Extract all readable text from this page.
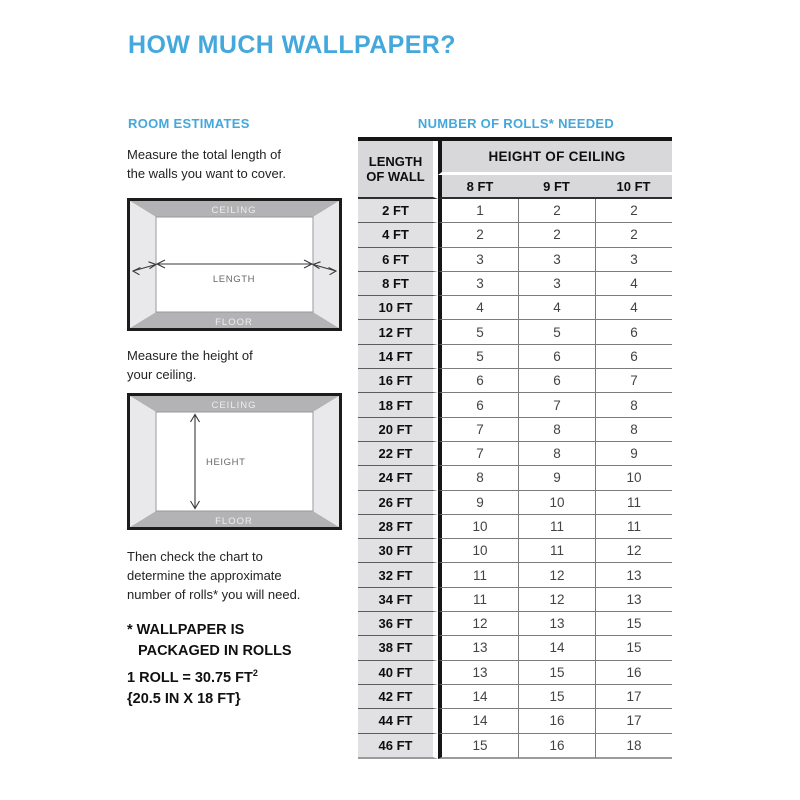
HOW MUCH WALLPAPER?
ROOM ESTIMATES

Measure the total length of
the walls you want to cover.

CEILING
FLOOR
LENGTH

Measure the height of
your ceiling.

CEILING
FLOOR
HEIGHT

Then check the chart to
determine the approximate
number of rolls* you will need.

* WALLPAPER IS
PACKAGED IN ROLLS

1 ROLL = 30.75 $FT^2$
{20.5 IN X 18 FT}

NUMBER OF ROLLS* NEEDED
LENGTH OF WALL	HEIGHT OF CEILING		
	8 FT	9 FT	10 FT
2 FT	1	2	2
4 FT	2	2	2
6 FT	3	3	3
8 FT	3	3	4
10 FT	4	4	4
12 FT	5	5	6
14 FT	5	6	6
16 FT	6	6	7
18 FT	6	7	8
20 FT	7	8	8
22 FT	7	8	9
24 FT	8	9	10
26 FT	9	10	11
28 FT	10	11	11
30 FT	10	11	12
32 FT	11	12	13
34 FT	11	12	13
36 FT	12	13	15
38 FT	13	14	15
40 FT	13	15	16
42 FT	14	15	17
44 FT	14	16	17
46 FT	15	16	18
